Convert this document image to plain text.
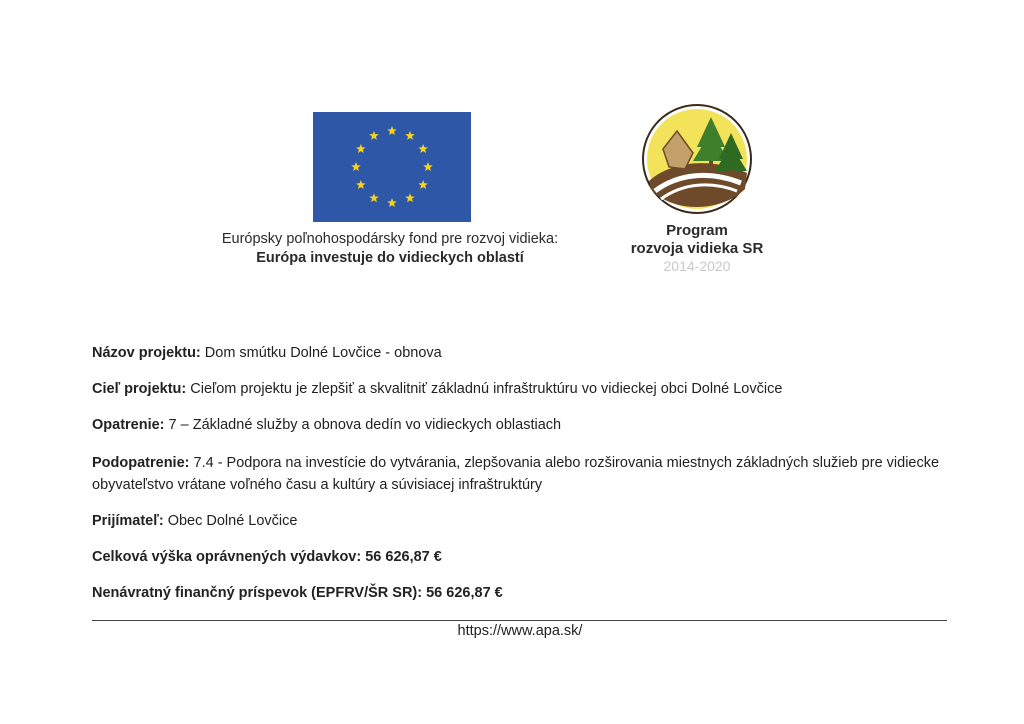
Európsky poľnohospodársky fond pre rozvoj vidieka:
Európa investuje do vidieckych oblastí
Program
rozvoja vidieka SR
2014-2020
Názov projektu: Dom smútku Dolné Lovčice - obnova
Cieľ projektu: Cieľom projektu je zlepšiť a skvalitniť základnú infraštruktúru vo vidieckej obci Dolné Lovčice
Opatrenie: 7 – Základné služby a obnova dedín vo vidieckych oblastiach
Podopatrenie: 7.4 - Podpora na investície do vytvárania, zlepšovania alebo rozširovania miestnych základných služieb pre vidiecke obyvateľstvo vrátane voľného času a kultúry a súvisiacej infraštruktúry
Prijímateľ: Obec Dolné Lovčice
Celková výška oprávnených výdavkov: 56 626,87 €
Nenávratný finančný príspevok (EPFRV/ŠR SR): 56 626,87 €
https://www.apa.sk/
